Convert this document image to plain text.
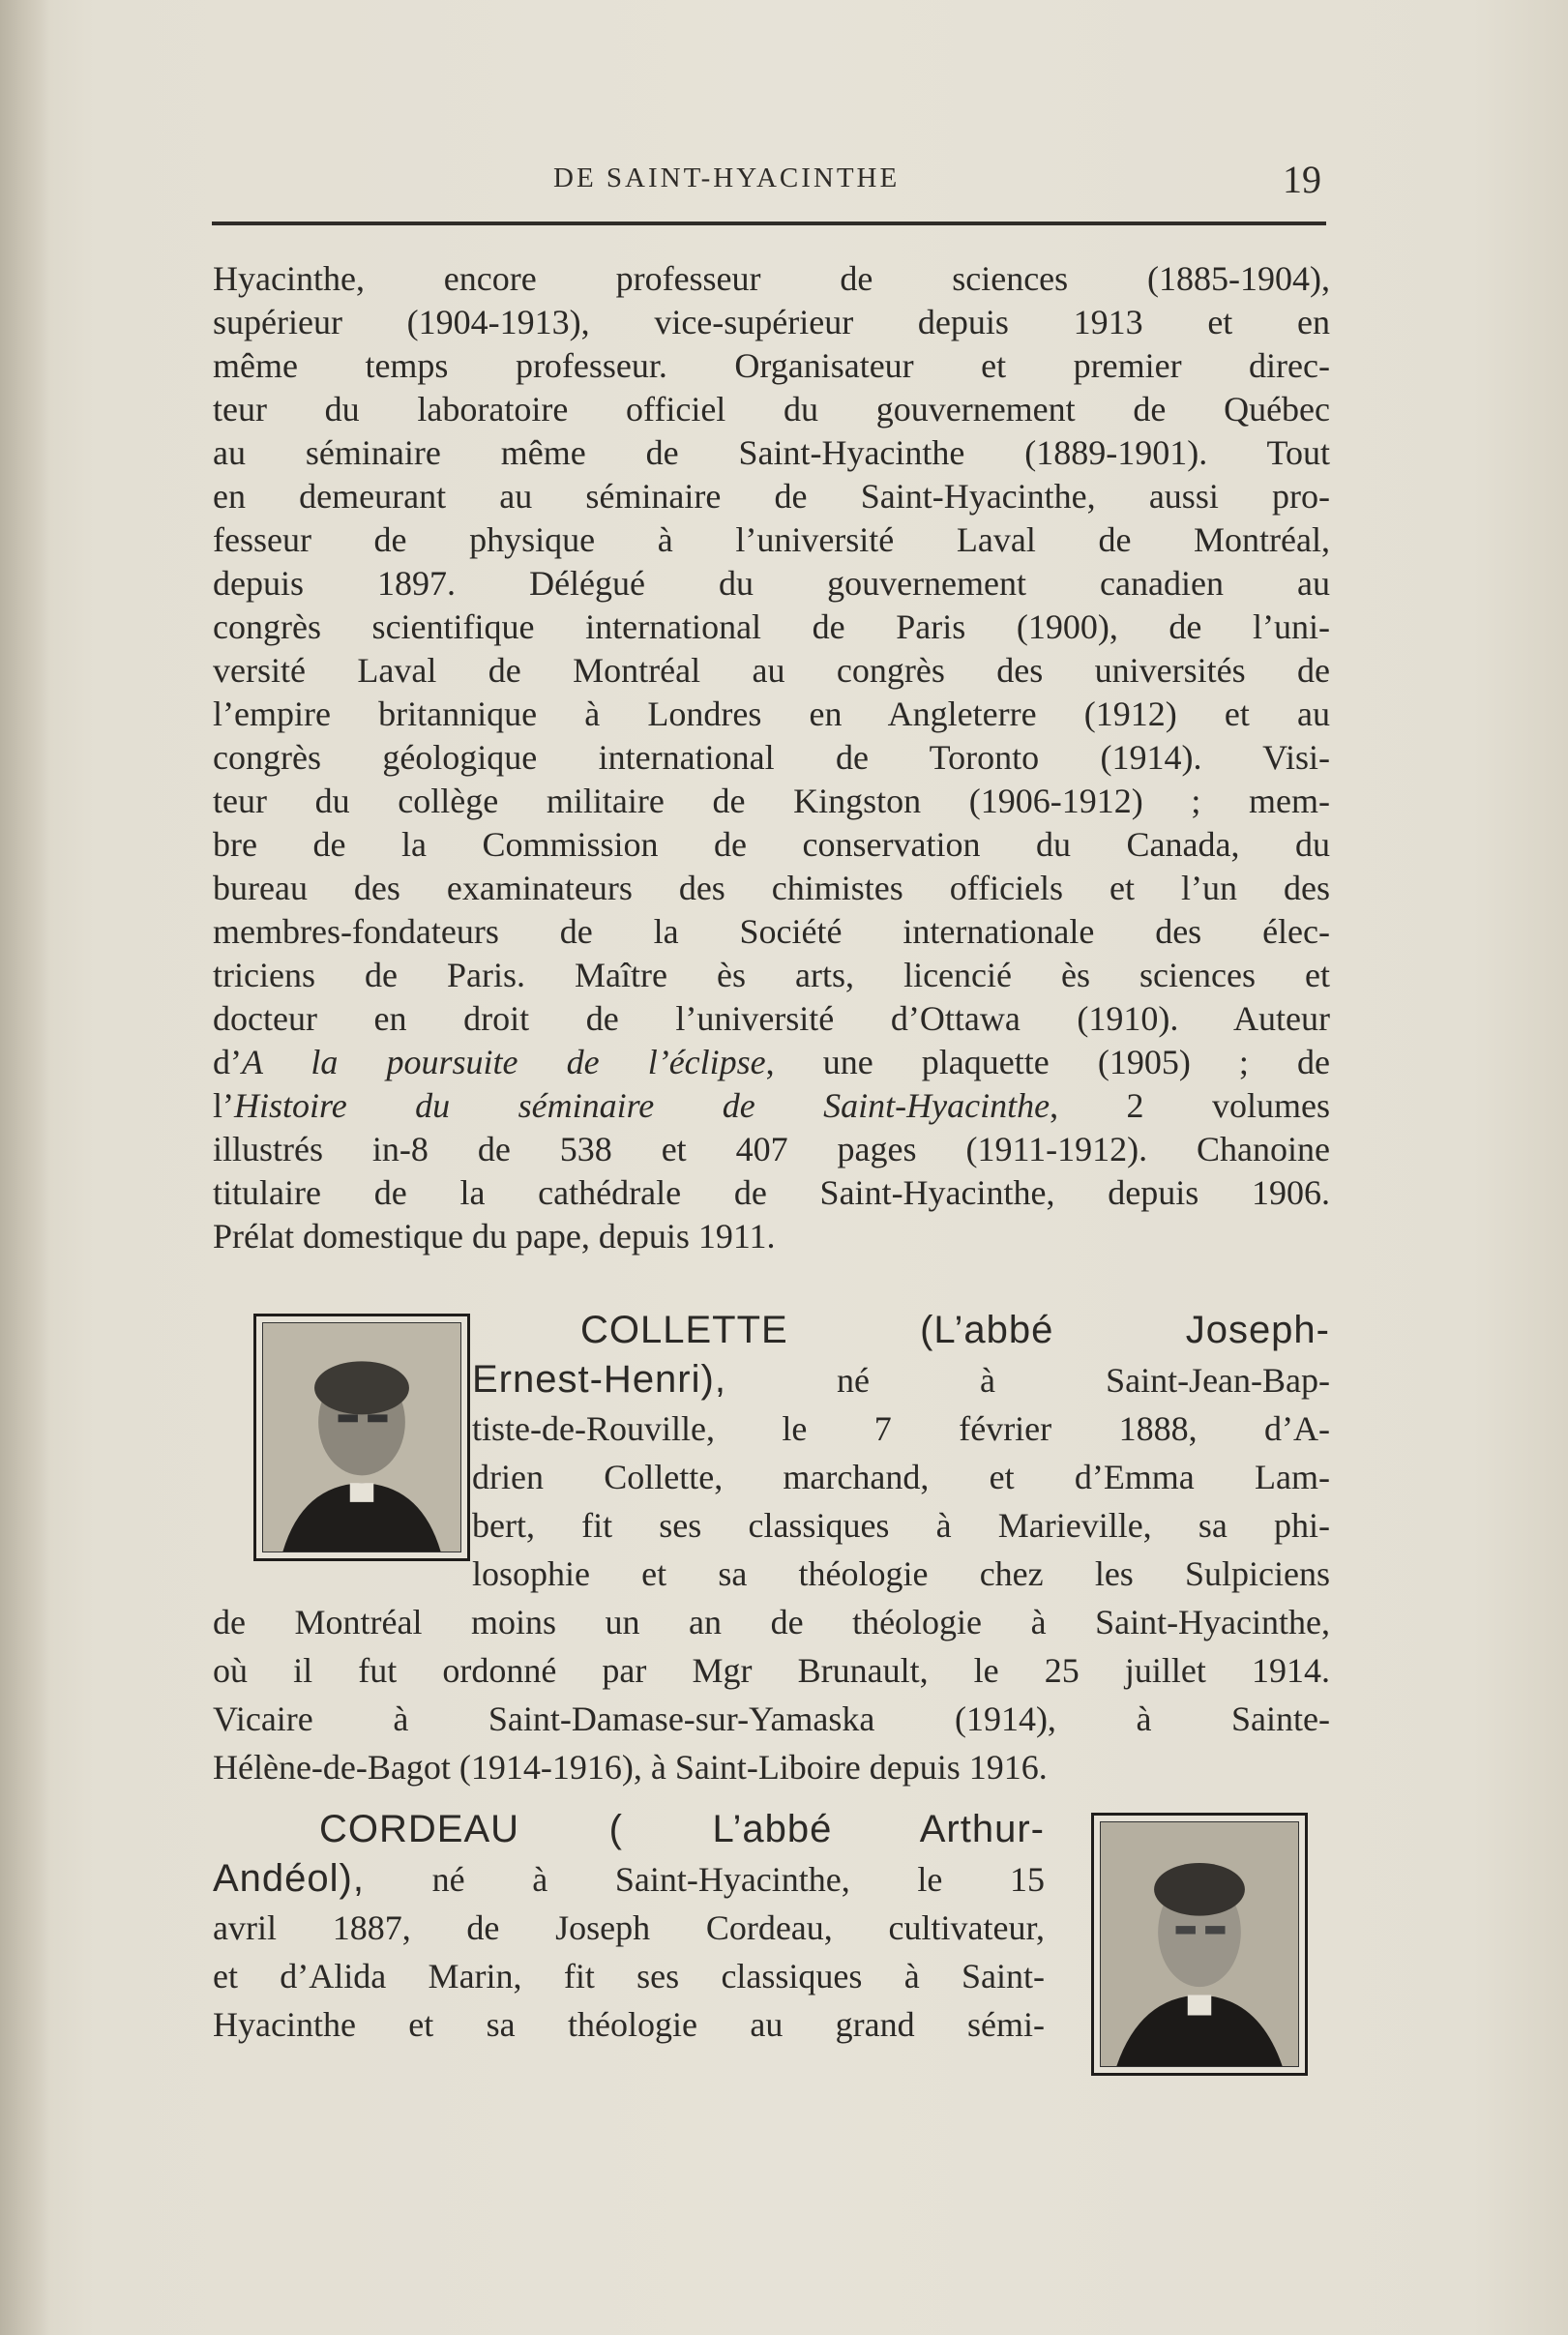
DE SAINT-HYACINTHE	19
Hyacinthe, encore professeur de sciences (1885-1904),
supérieur (1904-1913), vice-supérieur depuis 1913 et en
même temps professeur. Organisateur et premier direc-
teur du laboratoire officiel du gouvernement de Québec
au séminaire même de Saint-Hyacinthe (1889-1901). Tout
en demeurant au séminaire de Saint-Hyacinthe, aussi pro-
fesseur de physique à l’université Laval de Montréal,
depuis 1897. Délégué du gouvernement canadien au
congrès scientifique international de Paris (1900), de l’uni-
versité Laval de Montréal au congrès des universités de
l’empire britannique à Londres en Angleterre (1912) et au
congrès géologique international de Toronto (1914). Visi-
teur du collège militaire de Kingston (1906-1912) ; mem-
bre de la Commission de conservation du Canada, du
bureau des examinateurs des chimistes officiels et l’un des
membres-fondateurs de la Société internationale des élec-
triciens de Paris. Maître ès arts, licencié ès sciences et
docteur en droit de l’université d’Ottawa (1910). Auteur
d’A la poursuite de l’éclipse, une plaquette (1905) ; de
l’Histoire du séminaire de Saint-Hyacinthe, 2 volumes
illustrés in-8 de 538 et 407 pages (1911-1912). Chanoine
titulaire de la cathédrale de Saint-Hyacinthe, depuis 1906.
Prélat domestique du pape, depuis 1911.
COLLETTE (L’abbé Joseph-
Ernest-Henri), né à Saint-Jean-Bap-
tiste-de-Rouville, le 7 février 1888, d’A-
drien Collette, marchand, et d’Emma Lam-
bert, fit ses classiques à Marieville, sa phi-
losophie et sa théologie chez les Sulpiciens
de Montréal moins un an de théologie à Saint-Hyacinthe,
où il fut ordonné par Mgr Brunault, le 25 juillet 1914.
Vicaire à Saint-Damase-sur-Yamaska (1914), à Sainte-
Hélène-de-Bagot (1914-1916), à Saint-Liboire depuis 1916.
CORDEAU ( L’abbé Arthur-
Andéol), né à Saint-Hyacinthe, le 15
avril 1887, de Joseph Cordeau, cultivateur,
et d’Alida Marin, fit ses classiques à Saint-
Hyacinthe et sa théologie au grand sémi-
